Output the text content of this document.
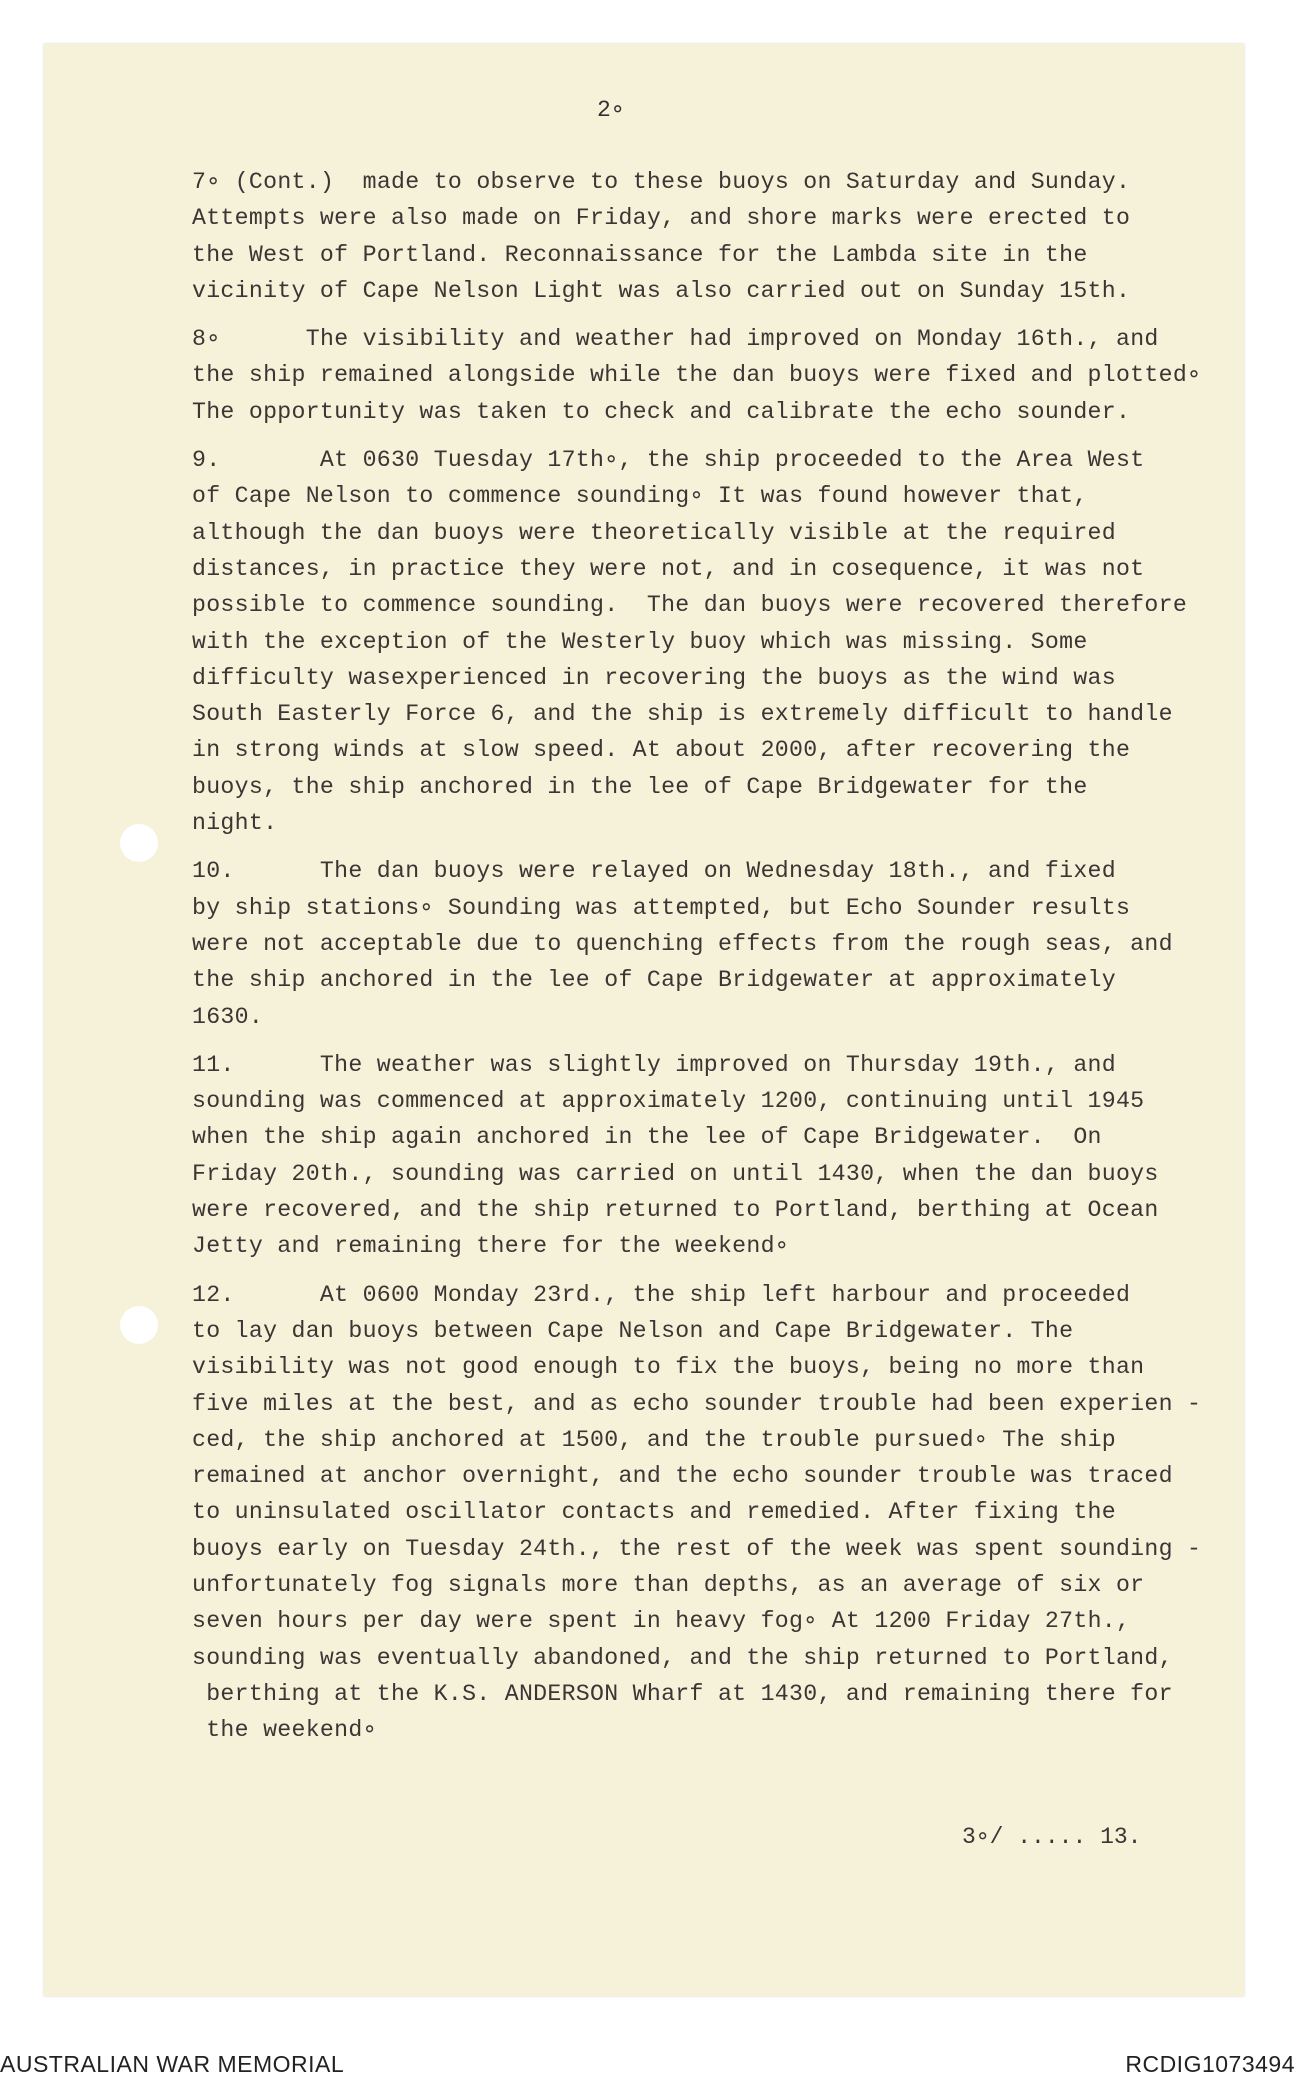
2∘
7∘ (Cont.)  made to observe to these buoys on Saturday and Sunday.
Attempts were also made on Friday, and shore marks were erected to
the West of Portland. Reconnaissance for the Lambda site in the
vicinity of Cape Nelson Light was also carried out on Sunday 15th.
8∘      The visibility and weather had improved on Monday 16th., and
the ship remained alongside while the dan buoys were fixed and plotted∘
The opportunity was taken to check and calibrate the echo sounder.
9.       At 0630 Tuesday 17th∘, the ship proceeded to the Area West
of Cape Nelson to commence sounding∘ It was found however that,
although the dan buoys were theoretically visible at the required
distances, in practice they were not, and in cosequence, it was not
possible to commence sounding.  The dan buoys were recovered therefore
with the exception of the Westerly buoy which was missing. Some
difficulty wasexperienced in recovering the buoys as the wind was
South Easterly Force 6, and the ship is extremely difficult to handle
in strong winds at slow speed. At about 2000, after recovering the
buoys, the ship anchored in the lee of Cape Bridgewater for the
night.
10.      The dan buoys were relayed on Wednesday 18th., and fixed
by ship stations∘ Sounding was attempted, but Echo Sounder results
were not acceptable due to quenching effects from the rough seas, and
the ship anchored in the lee of Cape Bridgewater at approximately
1630.
11.      The weather was slightly improved on Thursday 19th., and
sounding was commenced at approximately 1200, continuing until 1945
when the ship again anchored in the lee of Cape Bridgewater.  On
Friday 20th., sounding was carried on until 1430, when the dan buoys
were recovered, and the ship returned to Portland, berthing at Ocean
Jetty and remaining there for the weekend∘
12.      At 0600 Monday 23rd., the ship left harbour and proceeded
to lay dan buoys between Cape Nelson and Cape Bridgewater. The
visibility was not good enough to fix the buoys, being no more than
five miles at the best, and as echo sounder trouble had been experien -
ced, the ship anchored at 1500, and the trouble pursued∘ The ship
remained at anchor overnight, and the echo sounder trouble was traced
to uninsulated oscillator contacts and remedied. After fixing the
buoys early on Tuesday 24th., the rest of the week was spent sounding -
unfortunately fog signals more than depths, as an average of six or
seven hours per day were spent in heavy fog∘ At 1200 Friday 27th.,
sounding was eventually abandoned, and the ship returned to Portland,
berthing at the K.S. ANDERSON Wharf at 1430, and remaining there for
the weekend∘
3∘/ ..... 13.
AUSTRALIAN WAR MEMORIAL	RCDIG1073494
